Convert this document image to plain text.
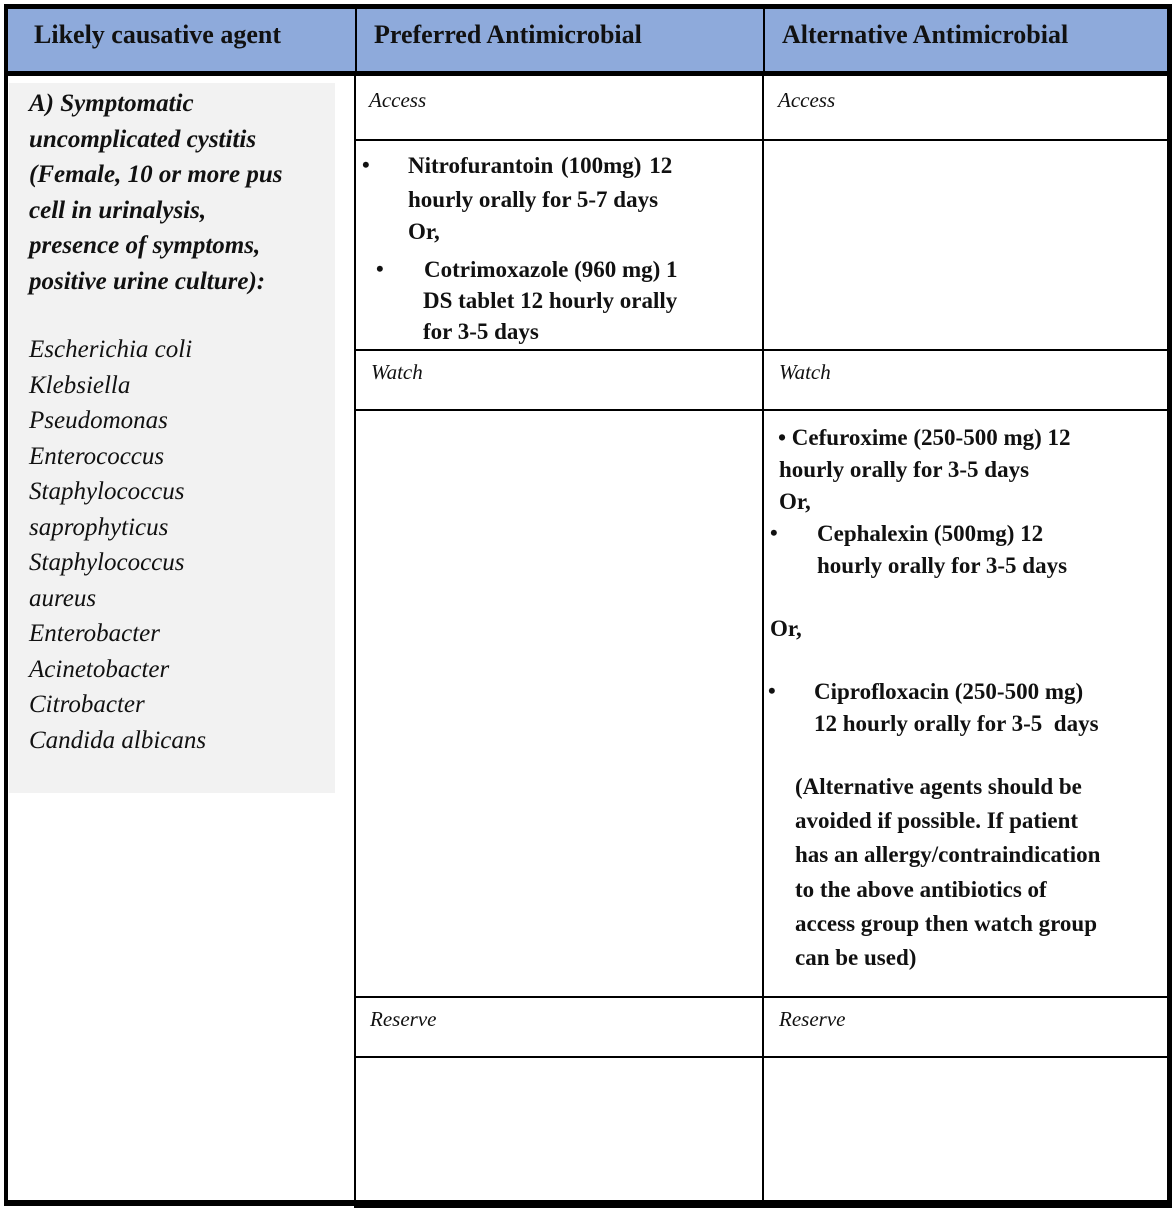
Likely causative agent	Preferred Antimicrobial	Alternative Antimicrobial
A) Symptomatic
uncomplicated cystitis
(Female, 10 or more pus
cell in urinalysis,
presence of symptoms,
positive urine culture):
Escherichia coli
Klebsiella
Pseudomonas
Enterococcus
Staphylococcus
saprophyticus
Staphylococcus
aureus
Enterobacter
Acinetobacter
Citrobacter
Candida albicans
Access
• Nitrofurantoin (100mg) 12
hourly orally for 5-7 days
Or,
• Cotrimoxazole (960 mg) 1
DS tablet 12 hourly orally
for 3-5 days
Watch
Reserve
Access
Watch
• Cefuroxime (250-500 mg) 12
hourly orally for 3-5 days
Or,
• Cephalexin (500mg) 12
hourly orally for 3-5 days
Or,
• Ciprofloxacin (250-500 mg)
12 hourly orally for 3-5  days
(Alternative agents should be
avoided if possible. If patient
has an allergy/contraindication
to the above antibiotics of
access group then watch group
can be used)
Reserve
